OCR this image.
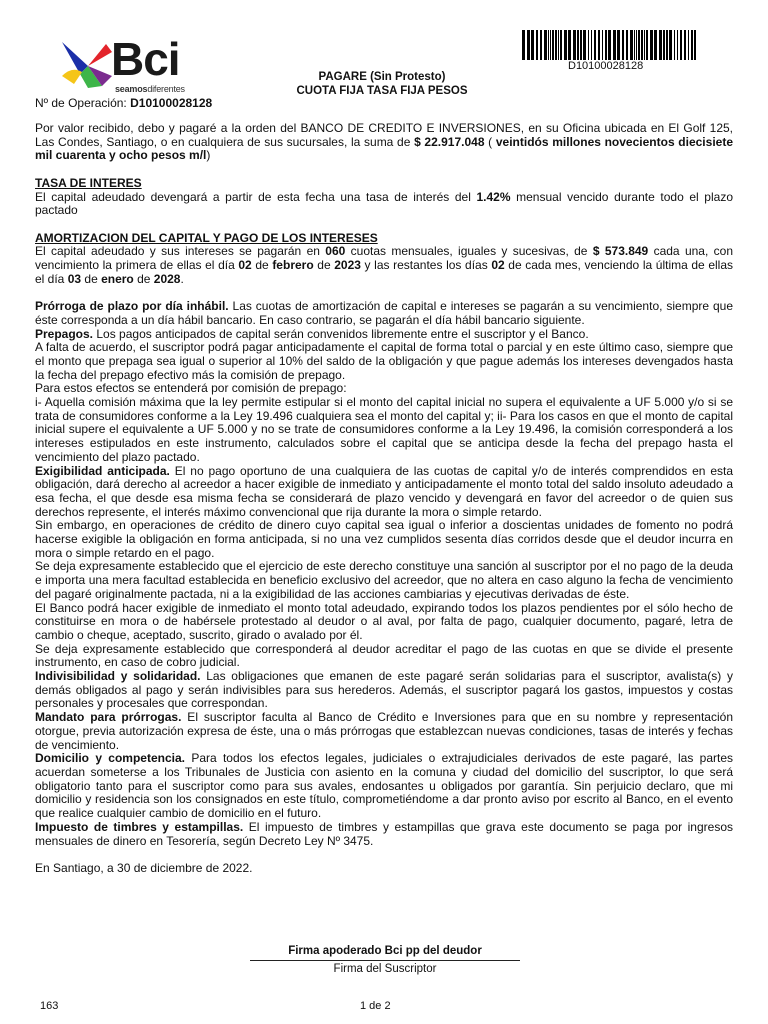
Bci
seamosdiferentes
D10100028128
PAGARE (Sin Protesto)
CUOTA FIJA TASA FIJA PESOS
Nº de Operación: D10100028128

Por valor recibido, debo y pagaré a la orden del BANCO DE CREDITO E INVERSIONES, en su Oficina ubicada en El Golf 125, Las Condes, Santiago, o en cualquiera de sus sucursales, la suma de $ 22.917.048 ( veintidós millones novecientos diecisiete mil cuarenta y ocho pesos m/l)

TASA DE INTERES

El capital adeudado devengará a partir de esta fecha una tasa de interés del 1.42% mensual vencido durante todo el plazo pactado

AMORTIZACION DEL CAPITAL Y PAGO DE LOS INTERESES

El capital adeudado y sus intereses se pagarán en 060 cuotas mensuales, iguales y sucesivas, de $ 573.849 cada una, con vencimiento la primera de ellas el día 02 de febrero de 2023 y las restantes los días 02 de cada mes, venciendo la última de ellas el día 03 de enero de 2028.

Prórroga de plazo por día inhábil. Las cuotas de amortización de capital e intereses se pagarán a su vencimiento, siempre que éste corresponda a un día hábil bancario. En caso contrario, se pagarán el día hábil bancario siguiente.

Prepagos. Los pagos anticipados de capital serán convenidos libremente entre el suscriptor y el Banco.

A falta de acuerdo, el suscriptor podrá pagar anticipadamente el capital de forma total o parcial y en este último caso, siempre que el monto que prepaga sea igual o superior al 10% del saldo de la obligación y que pague además los intereses devengados hasta la fecha del prepago efectivo más la comisión de prepago.

Para estos efectos se entenderá por comisión de prepago:

i- Aquella comisión máxima que la ley permite estipular si el monto del capital inicial no supera el equivalente a UF 5.000 y/o si se trata de consumidores conforme a la Ley 19.496 cualquiera sea el monto del capital y; ii- Para los casos en que el monto de capital inicial supere el equivalente a UF 5.000 y no se trate de consumidores conforme a la Ley 19.496, la comisión corresponderá a los intereses estipulados en este instrumento, calculados sobre el capital que se anticipa desde la fecha del prepago hasta el vencimiento del plazo pactado.

Exigibilidad anticipada. El no pago oportuno de una cualquiera de las cuotas de capital y/o de interés comprendidos en esta obligación, dará derecho al acreedor a hacer exigible de inmediato y anticipadamente el monto total del saldo insoluto adeudado a esa fecha, el que desde esa misma fecha se considerará de plazo vencido y devengará en favor del acreedor o de quien sus derechos represente, el interés máximo convencional que rija durante la mora o simple retardo.

Sin embargo, en operaciones de crédito de dinero cuyo capital sea igual o inferior a doscientas unidades de fomento no podrá hacerse exigible la obligación en forma anticipada, si no una vez cumplidos sesenta días corridos desde que el deudor incurra en mora o simple retardo en el pago.

Se deja expresamente establecido que el ejercicio de este derecho constituye una sanción al suscriptor por el no pago de la deuda e importa una mera facultad establecida en beneficio exclusivo del acreedor, que no altera en caso alguno la fecha de vencimiento del pagaré originalmente pactada, ni a la exigibilidad de las acciones cambiarias y ejecutivas derivadas de éste.

El Banco podrá hacer exigible de inmediato el monto total adeudado, expirando todos los plazos pendientes por el sólo hecho de constituirse en mora o de habérsele protestado al deudor o al aval, por falta de pago, cualquier documento, pagaré, letra de cambio o cheque, aceptado, suscrito, girado o avalado por él.

Se deja expresamente establecido que corresponderá al deudor acreditar el pago de las cuotas en que se divide el presente instrumento, en caso de cobro judicial.

Indivisibilidad y solidaridad. Las obligaciones que emanen de este pagaré serán solidarias para el suscriptor, avalista(s) y demás obligados al pago y serán indivisibles para sus herederos. Además, el suscriptor pagará los gastos, impuestos y costas personales y procesales que correspondan.

Mandato para prórrogas. El suscriptor faculta al Banco de Crédito e Inversiones para que en su nombre y representación otorgue, previa autorización expresa de éste, una o más prórrogas que establezcan nuevas condiciones, tasas de interés y fechas de vencimiento.

Domicilio y competencia. Para todos los efectos legales, judiciales o extrajudiciales derivados de este pagaré, las partes acuerdan someterse a los Tribunales de Justicia con asiento en la comuna y ciudad del domicilio del suscriptor, lo que será obligatorio tanto para el suscriptor como para sus avales, endosantes u obligados por garantía. Sin perjuicio declaro, que mi domicilio y residencia son los consignados en este título, comprometiéndome a dar pronto aviso por escrito al Banco, en el evento que realice cualquier cambio de domicilio en el futuro.

Impuesto de timbres y estampillas. El impuesto de timbres y estampillas que grava este documento se paga por ingresos mensuales de dinero en Tesorería, según Decreto Ley Nº 3475.

En Santiago, a 30 de diciembre de 2022.

Firma apoderado Bci pp del deudor
Firma del Suscriptor
163	1 de 2
